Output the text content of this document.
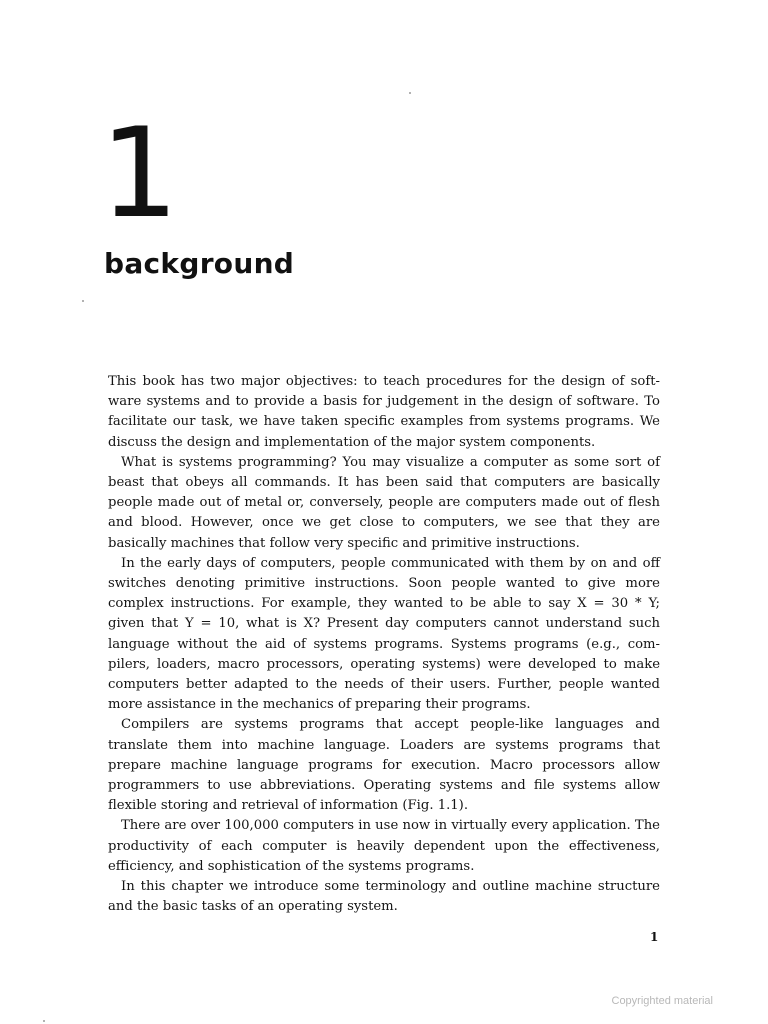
1
background

This book has two major objectives: to teach procedures for the design of software systems and to provide a basis for judgement in the design of software. To facilitate our task, we have taken specific examples from systems programs. We discuss the design and implementation of the major system components.

What is systems programming? You may visualize a computer as some sort of beast that obeys all commands. It has been said that computers are basically people made out of metal or, conversely, people are computers made out of flesh and blood. However, once we get close to computers, we see that they are basically machines that follow very specific and primitive instructions.

In the early days of computers, people communicated with them by on and off switches denoting primitive instructions. Soon people wanted to give more complex instructions. For example, they wanted to be able to say X = 30 * Y; given that Y = 10, what is X? Present day computers cannot understand such language without the aid of systems programs. Systems programs (e.g., compilers, loaders, macro processors, operating systems) were developed to make computers better adapted to the needs of their users. Further, people wanted more assistance in the mechanics of preparing their programs.

Compilers are systems programs that accept people-like languages and translate them into machine language. Loaders are systems programs that prepare machine language programs for execution. Macro processors allow programmers to use abbreviations. Operating systems and file systems allow flexible storing and retrieval of information (Fig. 1.1).

There are over 100,000 computers in use now in virtually every application. The productivity of each computer is heavily dependent upon the effectiveness, efficiency, and sophistication of the systems programs.

In this chapter we introduce some terminology and outline machine structure and the basic tasks of an operating system.

1
Copyrighted material
